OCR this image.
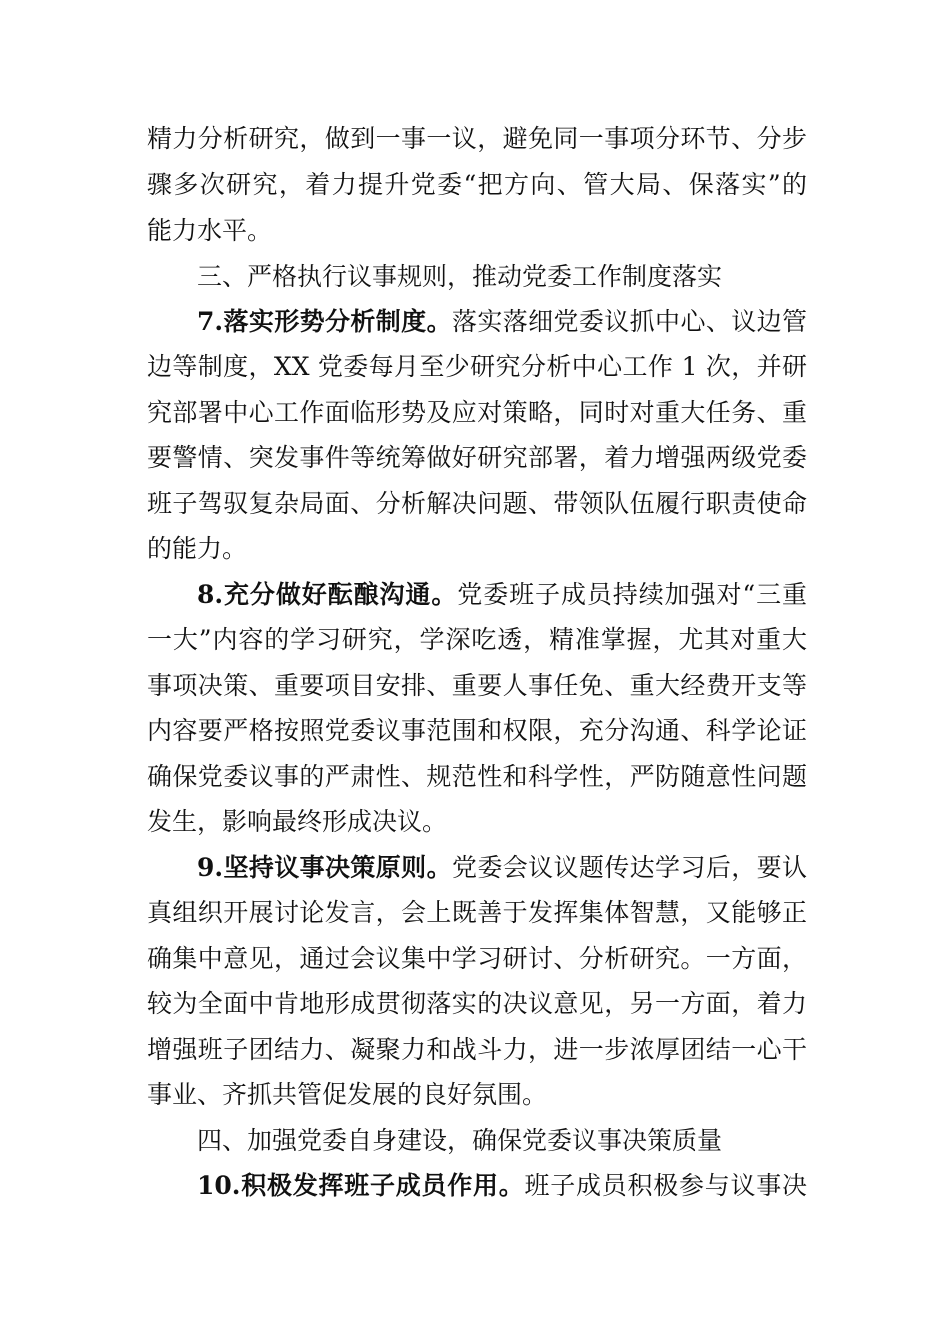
精力分析研究，做到一事一议，避免同一事项分环节、分步
骤多次研究，着力提升党委“把方向、管大局、保落实”的
能力水平。
三、严格执行议事规则，推动党委工作制度落实
7.落实形势分析制度。落实落细党委议抓中心、议边管
边等制度，XX 党委每月至少研究分析中心工作 1 次，并研
究部署中心工作面临形势及应对策略，同时对重大任务、重
要警情、突发事件等统筹做好研究部署，着力增强两级党委
班子驾驭复杂局面、分析解决问题、带领队伍履行职责使命
的能力。
8.充分做好酝酿沟通。党委班子成员持续加强对“三重
一大”内容的学习研究，学深吃透，精准掌握，尤其对重大
事项决策、重要项目安排、重要人事任免、重大经费开支等
内容要严格按照党委议事范围和权限，充分沟通、科学论证
确保党委议事的严肃性、规范性和科学性，严防随意性问题
发生，影响最终形成决议。
9.坚持议事决策原则。党委会议议题传达学习后，要认
真组织开展讨论发言，会上既善于发挥集体智慧，又能够正
确集中意见，通过会议集中学习研讨、分析研究。一方面，
较为全面中肯地形成贯彻落实的决议意见，另一方面，着力
增强班子团结力、凝聚力和战斗力，进一步浓厚团结一心干
事业、齐抓共管促发展的良好氛围。
四、加强党委自身建设，确保党委议事决策质量
10.积极发挥班子成员作用。班子成员积极参与议事决
